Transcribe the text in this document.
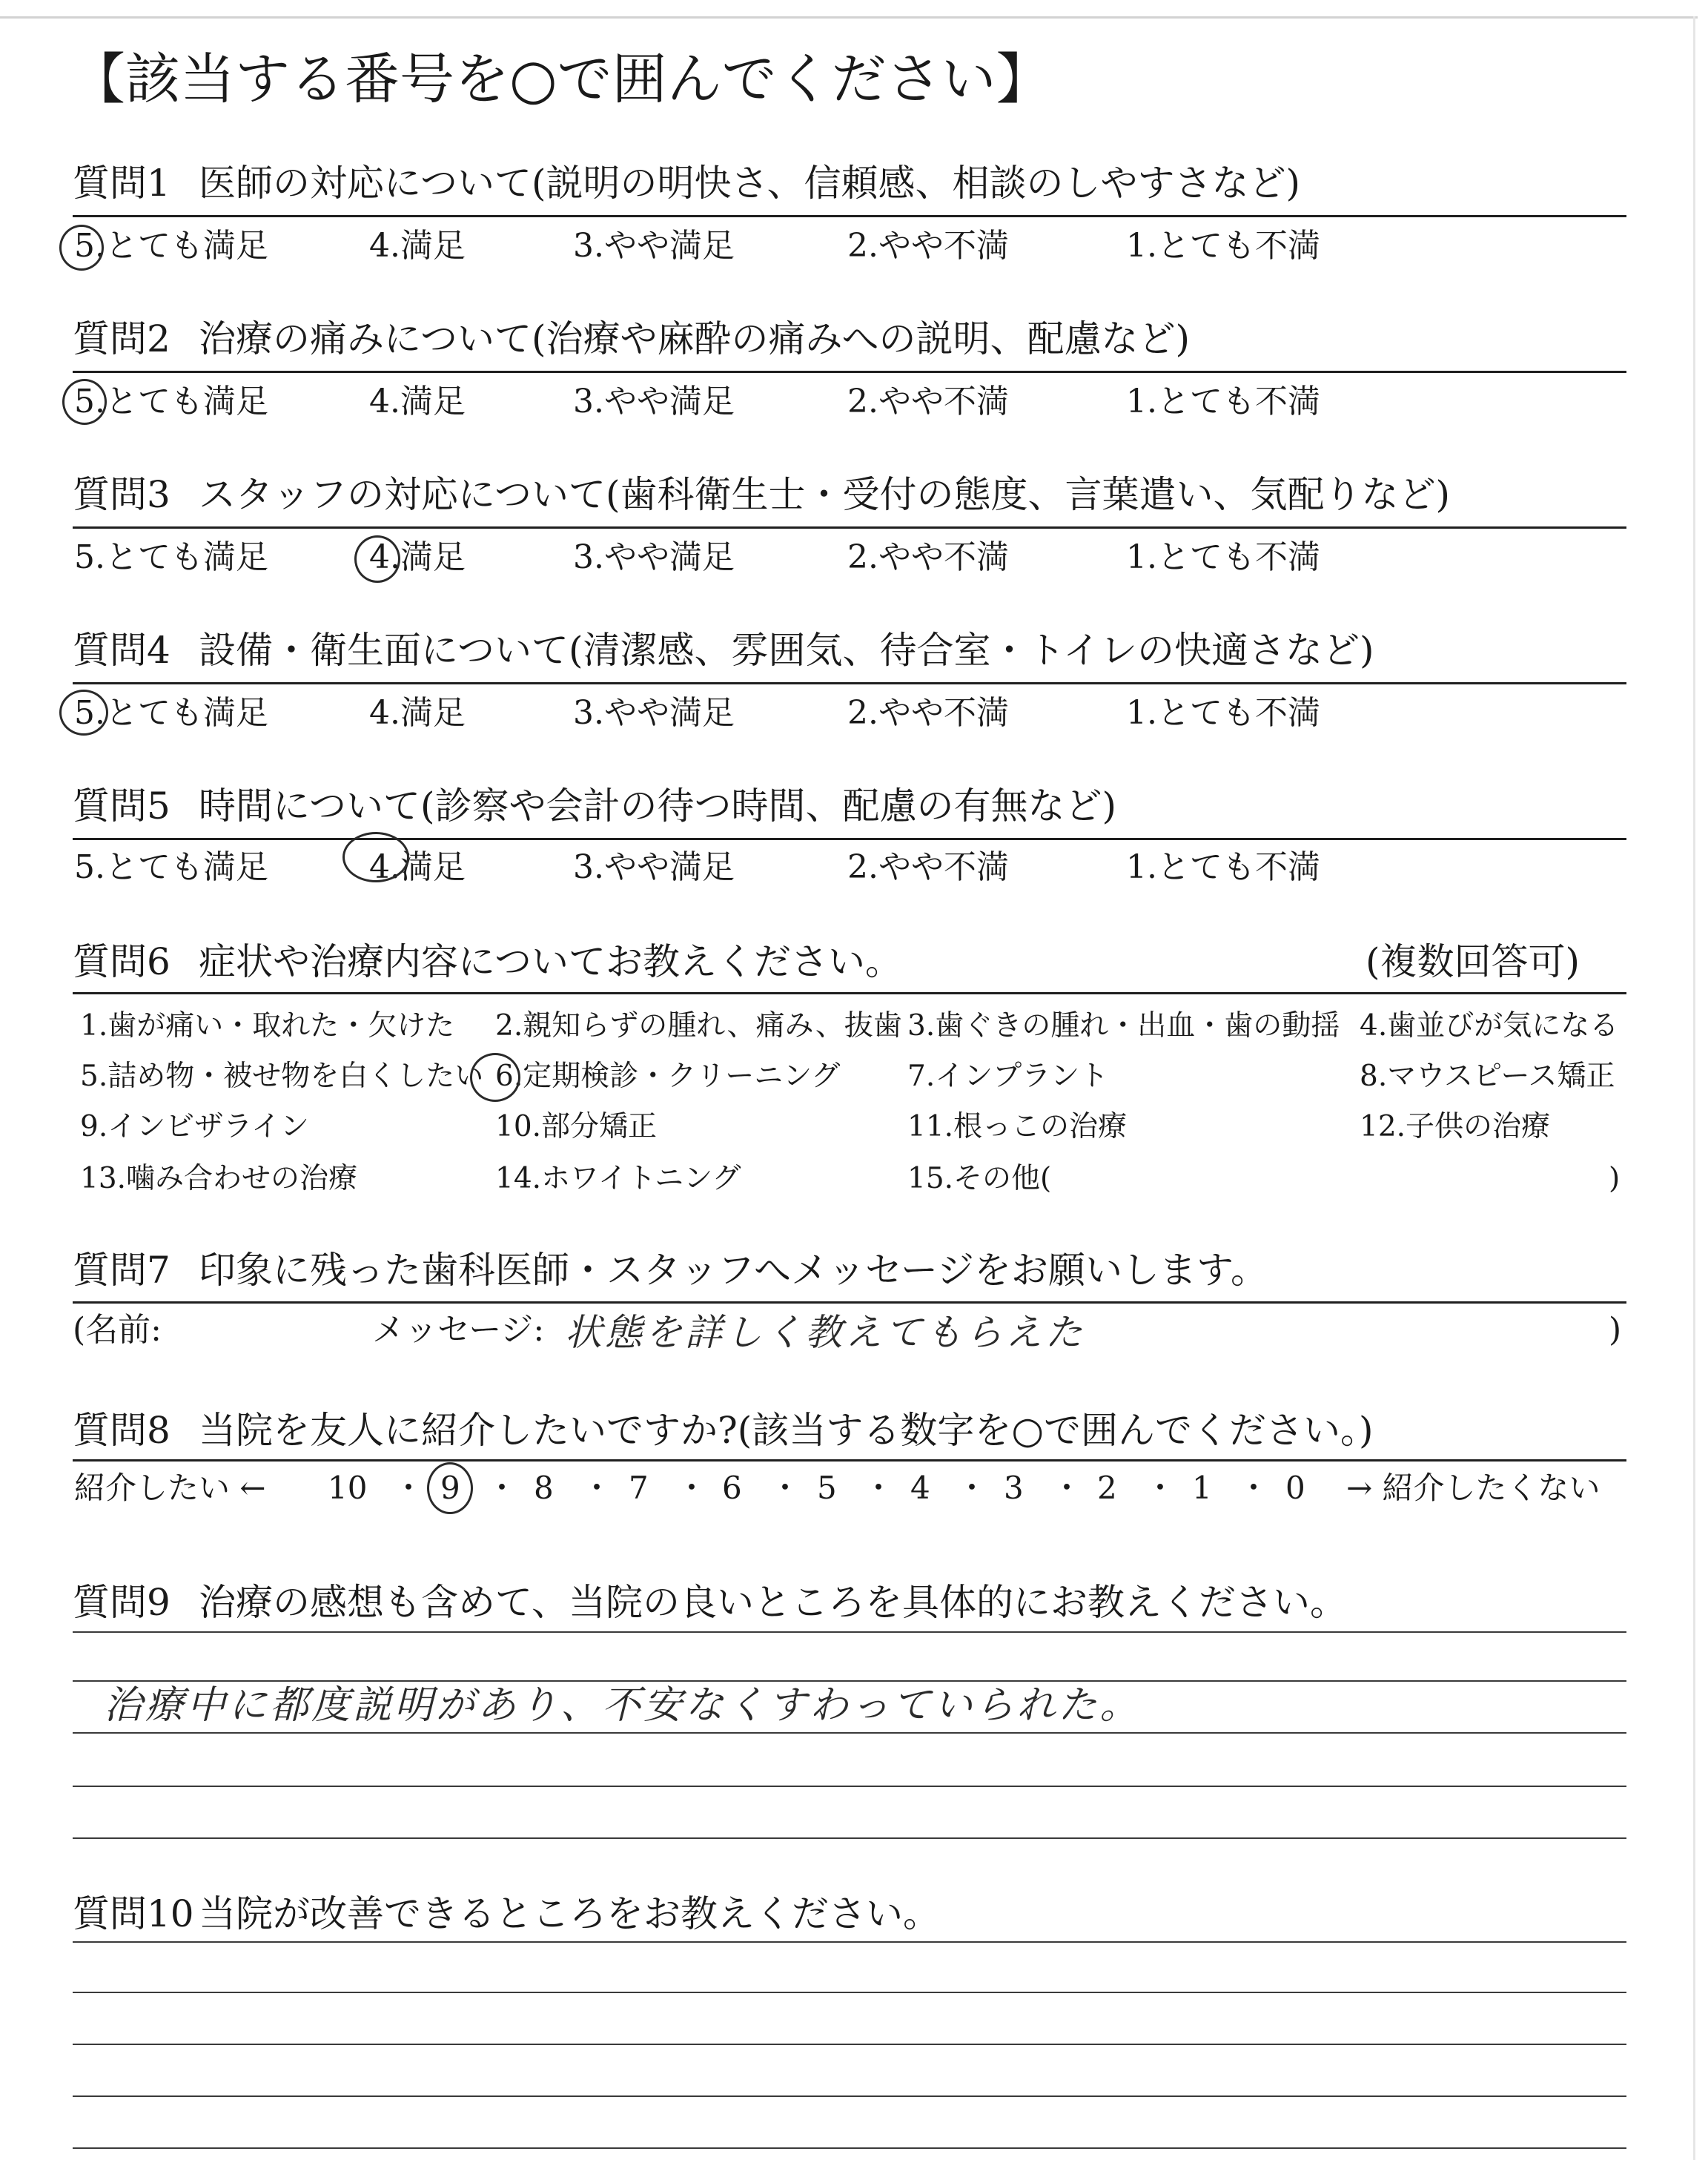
【該当する番号を○で囲んでください】
質問1 医師の対応について(説明の明快さ、信頼感、相談のしやすさなど)
5.とても満足	4.満足	3.やや満足	2.やや不満	1.とても不満
質問2 治療の痛みについて(治療や麻酔の痛みへの説明、配慮など)
5.とても満足	4.満足	3.やや満足	2.やや不満	1.とても不満
質問3 スタッフの対応について(歯科衛生士・受付の態度、言葉遣い、気配りなど)
5.とても満足	4.満足	3.やや満足	2.やや不満	1.とても不満
質問4 設備・衛生面について(清潔感、雰囲気、待合室・トイレの快適さなど)
5.とても満足	4.満足	3.やや満足	2.やや不満	1.とても不満
質問5 時間について(診察や会計の待つ時間、配慮の有無など)
5.とても満足	4.満足	3.やや満足	2.やや不満	1.とても不満
質問6 症状や治療内容についてお教えください。	(複数回答可)
1.歯が痛い・取れた・欠けた 2.親知らずの腫れ、痛み、抜歯 3.歯ぐきの腫れ・出血・歯の動揺 4.歯並びが気になる
5.詰め物・被せ物を白くしたい 6.定期検診・クリーニング 7.インプラント	8.マウスピース矯正
9.インビザライン	10.部分矯正	11.根っこの治療	12.子供の治療
13.噛み合わせの治療	14.ホワイトニング	15.その他(	)
質問7 印象に残った歯科医師・スタッフへメッセージをお願いします。
(名前:	メッセージ: 状態を詳しく教えてもらえた	)
質問8 当院を友人に紹介したいですか?(該当する数字を○で囲んでください。)
紹介したい ← 10 ・ 9 ・ 8 ・ 7 ・ 6 ・ 5 ・ 4 ・ 3 ・ 2 ・ 1 ・ 0 → 紹介したくない
質問9 治療の感想も含めて、当院の良いところを具体的にお教えください。
治療中に都度説明があり、不安なくすわっていられた。
質問10 当院が改善できるところをお教えください。
